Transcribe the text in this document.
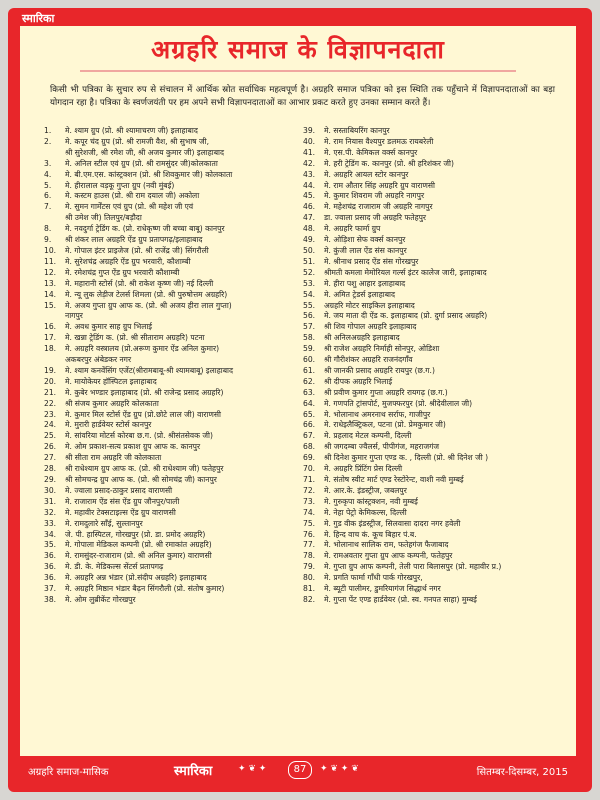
स्मारिका
अग्रहरि समाज के विज्ञापनदाता
किसी भी पत्रिका के सुचार रुप से संचालन में आर्थिक स्रोत सर्वाधिक महत्वपूर्ण है। अग्रहरि समाज पत्रिका को इस स्थिति तक पहुँचाने में विज्ञापनदाताओं का बड़ा योगदान रहा है। पत्रिका के स्वर्णजयंती पर हम अपने सभी विज्ञापनदाताओं का आभार प्रकट करते हुए उनका सम्मान करते हैं।
1.	मे. श्याम ग्रुप (प्रो. श्री श्यामाचरण जी) इलाहाबाद
2.	मे. कपूर चंद ग्रुप (प्रो. श्री रामजी वैश, श्री सुभाष जी,
श्री सुरेशजी, श्री रमेश जी, श्री अजय कुमार जी) इलाहाबाद
3.	मे. अनिल स्टील एवं ग्रुप (प्रो. श्री रामसुंदर जी)कोलकाता
4.	मे. बी.एम.एस. कांस्ट्रक्शन (प्रो. श्री शिवकुमार जी) कोलकाता
5.	मे. हीरालाल वड़कू गुप्ता ग्रुप (नवी मुंबई)
6.	मे. कस्टम हाउस (प्रो. श्री राम दयाल जी) अकोला
7.	मे. सुमन गार्मेंटस एवं ग्रुप (प्रो. श्री महेश जी एवं
श्री उमेश जी) तिलपुर/बड़ौदा
8.	मे. नवदुर्गा ट्रेडिंग क. (प्रो. राधेकृष्ण जी बच्चा बाबू) कानपुर
9.	श्री शंकर लाल अग्रहरि ऐंड ग्रुप प्रतापगढ़/इलाहाबाद
10.	मे. गोपाल इंटर प्राइजेज (प्रो. श्री राजेंद्र जी) सिंगरौली
11.	मे. सुरेशचंद्र अग्रहरि ऐंड ग्रुप भरवारी, कौशाम्बी
12.	मे. रमेशचंद्र गुप्त ऐंड ग्रुप भरवारी कौशाम्बी
13.	मे. महारानी स्टोर्स (प्रो. श्री राकेश कृष्ण जी) नई दिल्ली
14.	मे. न्यू लुक लेड़ीज टेलर्स शिमला (प्रो. श्री पुरुषोत्तम अग्रहरि)
15.	मे. अजय गुप्ता ग्रुप आफ क. (प्रो. श्री अजय हीरा लाल गुप्ता)
नागपुर
16.	मे. अवध कुमार साह ग्रुप भिलाई
17.	मे. खन्ना ट्रेडिंग क. (प्रो. श्री सीताराम अग्रहरि) पटना
18.	मे. अग्रहरि वस्त्रालय (प्रो.अरूण कुमार ऐंड अनिल कुमार)
अकबरपुर अंबेडकर नगर
19.	मे. श्याम कनवेंसिंग एजेंट(श्रीरामबाबू-श्री श्यामबाबू) इलाहाबाद
20.	मे. मायोकेयर हॉस्पिटल इलाहाबाद
21.	मे. कुबेर भण्डार इलाहाबाद (प्रो. श्री राजेन्द्र प्रसाद अग्रहरि)
22.	श्री संजय कुमार अग्रहरि कोलकाता
23.	मे. कुमार मिल स्टोर्स ऐंड ग्रुप (प्रो.छोटे लाल जी) वाराणसी
24.	मे. मुरारी हार्डवेयर स्टोर्स कानपुर
25.	मे. सांवरिया मोटर्स कोरबा छ.ग. (प्रो. श्रीसंतसेवक जी)
26.	मे. ओम प्रकाश-सत्य प्रकाश ग्रुप आफ क. कानपुर
27.	श्री सीता राम अग्रहरि जी कोलकाता
28.	श्री राधेश्याम ग्रुप आफ क. (प्रो. श्री राधेश्याम जी) फतेहपुर
29.	श्री सोमचन्द्र ग्रुप आफ क. (प्रो. श्री सोमचंद्र जी) कानपुर
30.	मे. ज्वाला प्रसाद-ठाकुर प्रसाद वाराणसी
31.	मे. राजाराम ऐंड संस ऐंड ग्रुप जौनपुर/पाली
32.	मे. महावीर टेक्सटाइल्स ऐंड ग्रुप वाराणसी
33.	मे. रामदुलारे साँई, सुल्तानपुर
34.	जे. पी. हास्पिटल, गोरखपुर (प्रो. डा. प्रमोद अग्रहरि)
35.	मे. गोपाला मेडिकल कम्पनी (प्रो. श्री रमाकांत अग्रहरि)
36.	मे. रामसुंदर-राजाराम (प्रो. श्री अनिल कुमार) वाराणसी
36.	मे. डी. के. मेडिकल्स सेंटर्स प्रतापगढ़
36.	मे. अग्रहरि अन्न भंडार (प्रो.संदीप अग्रहरि) इलाहाबाद
37.	मे. अग्रहरि मिष्ठान भंडार बैढ़न सिंगरौली (प्रो. संतोष कुमार)
38.	मे. ओम लुब्रीकेंट गोरखपुर
39.	मे. सस्ताबियरिंग कानपुर
40.	मे. राम नियास वैश्यपुर डलमऊ रायबरेली
41.	मे. एस.पी. केमिकल वर्क्स कानपुर
42.	मे. हरी ट्रेडिंग क. कानपुर (प्रो. श्री हरिशंकर जी)
43.	मे. अग्रहरि आयल स्टोर कानपुर
44.	मे. राम औतार सिंह अग्रहरि ग्रुप वाराणसी
45.	मे. कुमार शिवराम जी अग्रहरि नागपुर
46.	मे. महेशचंद्र राजाराम जी अग्रहरि नागपुर
47.	डा. ज्वाला प्रसाद जी अग्रहरि फतेहपुर
48.	मे. अग्रहरि फार्मा ग्रुप
49.	मे. ओड़िशा सेफ वर्क्स कानपुर
50.	मे. कुंजी लाल ऐंड संस कानपुर
51.	मे. श्रीनाथ प्रसाद ऐंड संस गोरखपुर
52.	श्रीमती कमला मेमोरियल गर्ल्स इंटर कालेज जारी, इलाहाबाद
53.	मे. हीरा पशु आहार इलाहाबाद
54.	मे. अमित ट्रेडर्स इलाहाबाद
55.	अग्रहरि मोटर साइकिल इलाहाबाद
56.	मे. जय माता दी ऐंड क. इलाहाबाद (प्रो. दुर्गा प्रसाद अग्रहरि)
57.	श्री शिव गोपाल अग्रहरि इलाहाबाद
58.	श्री अनिलअग्रहरि इलाहाबाद
59.	श्री राजेश अग्रहरि निर्माही सोनपुर, ओडिशा
60.	श्री गौरीशंकर अग्रहरि राजनंदगाँव
61.	श्री जानकी प्रसाद अग्रहरि रायपुर (छ.ग.)
62.	श्री दीपक अग्रहरि भिलाई
63.	श्री प्रवीण कुमार गुप्ता अग्रहरि रायगढ़ (छ.ग.)
64.	मे. गणपति ट्रांसपोर्ट, मुजफ्फरपुर (प्रो. श्रीदेवीलाल जी)
65.	मे. भोलानाथ अमरनाथ सर्राफ, गाजीपुर
66.	मे. राधेइलैक्ट्रिकल, पटना (प्रो. प्रेमकुमार जी)
67.	मे. प्रहलाद मेटल कम्पनी, दिल्ली
68.	श्री जगदम्बा ज्वैलर्स, पीपीगंज, महराजगंज
69.	श्री दिनेश कुमार गुप्ता एण्ड क. , दिल्ली (प्रो. श्री दिनेश जी )
70.	मे. अग्रहरि प्रिंटिंग प्रेस दिल्ली
71.	मे. संतोष स्वीट मार्ट एण्ड रेस्टोरेन्ट, वाशी नवी मुम्बई
72.	मे. आर.के. इंडस्ट्रीज, जबलपुर
73.	मे. गुरुकृपा कांस्ट्रक्शन, नवी मुम्बई
74.	मे. नेहा पेट्रो केमिकल्स, दिल्ली
75.	मे. गुड वीक इंडस्ट्रीज, सिलवासा दादरा नगर हवेली
76.	मे. हिन्द वाच कं. कूच बिहार पं.ब.
77.	मे. भोलानाथ सालिक राम, फतेहगंज फैजाबाद
78.	मे. रामअवतार गुप्ता ग्रुप आफ कम्पनी, फतेहपुर
79.	मे. गुप्ता ग्रुप आफ कम्पनी, तेली पारा बिलासपुर (प्रो. महावीर प्र.)
80.	मे. प्रगति फार्मा गाँधी पार्क गोरखपुर,
81.	मे. ब्यूटी पालीमर, डुमरियागंज सिद्धार्थ नगर
82.	मे. गुप्ता पेंट एण्ड हार्डवेयर (प्रो. स्व. गनपत साहा) मुम्बई
अग्रहरि समाज-मासिक	स्मारिका	✦ ❦ ✦	87	✦ ❦ ✦ ❦	सितम्बर-दिसम्बर, 2015
